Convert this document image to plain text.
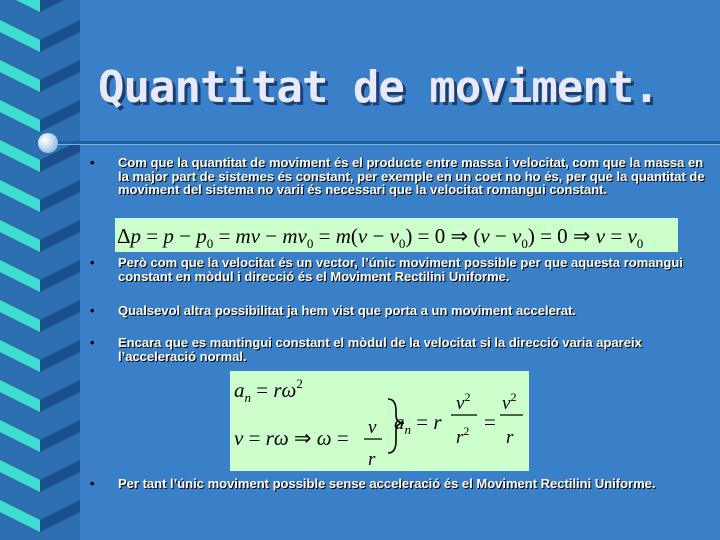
Quantitat de moviment.
•	Com que la quantitat de moviment és el producte entre massa i velocitat, com que la massa en la major part de sistemes és constant, per exemple en un coet no ho és, per que la quantitat de moviment del sistema no varií és necessari que la velocitat romangui constant.

$\Delta p = p - p_0$ = mv − $mv_0 = m(v - v_0) = 0$ ⇒ $(v - v_0) = 0$ ⇒ $v = v_0$
•	Però com que la velocitat és un vector, l’únic moviment possible per que aquesta romangui constant en mòdul i direcció és el Moviment Rectilini Uniforme.

•	Qualsevol altra possibilitat ja hem vist que porta a un moviment accelerat.

•	Encara que es mantingui constant el mòdul de la velocitat si la direcció varia apareix l’acceleració normal.

$a_n = r\omega^2$
v = rω ⇒ ω = v
r
$a_n = r$
$v^2$
$r^2$ =
$v^2$
r
•	Per tant l’únic moviment possible sense acceleració és el Moviment Rectilini Uniforme.
